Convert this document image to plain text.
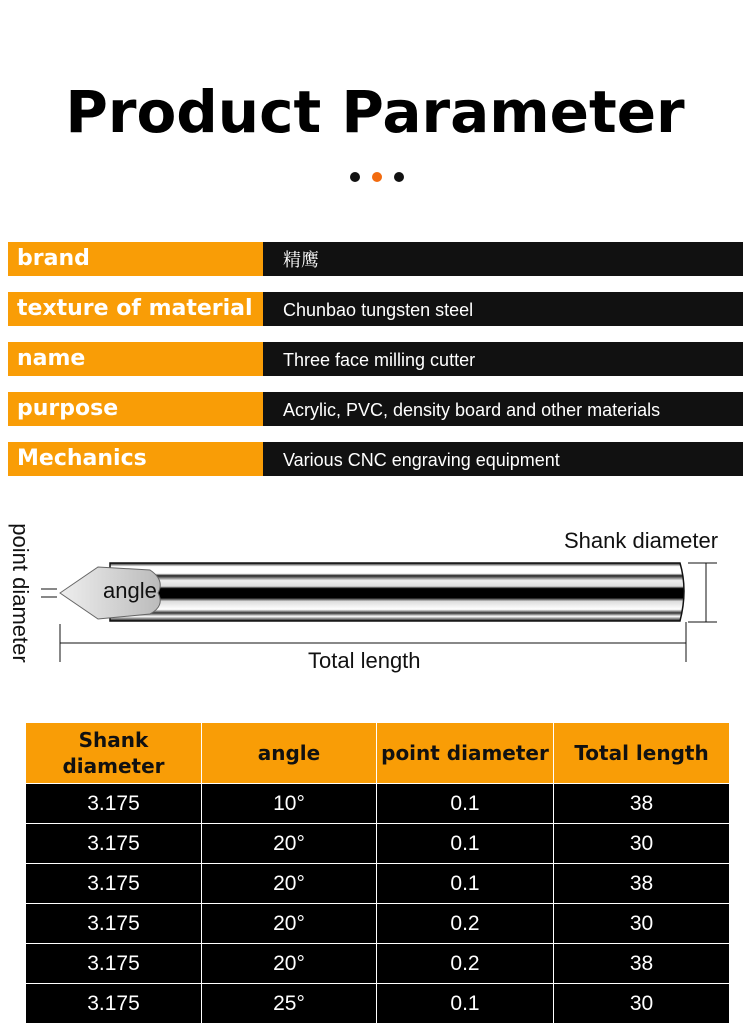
Product Parameter
brand	精鹰
texture of material	Chunbao tungsten steel
name	Three face milling cutter
purpose	Acrylic, PVC, density board and other materials
Mechanics	Various CNC engraving equipment
point diameter	angle
Shank diameter
Total length
Shank diameter	angle	point diameter	Total length
3.175	10°	0.1	38
3.175	20°	0.1	30
3.175	20°	0.1	38
3.175	20°	0.2	30
3.175	20°	0.2	38
3.175	25°	0.1	30
